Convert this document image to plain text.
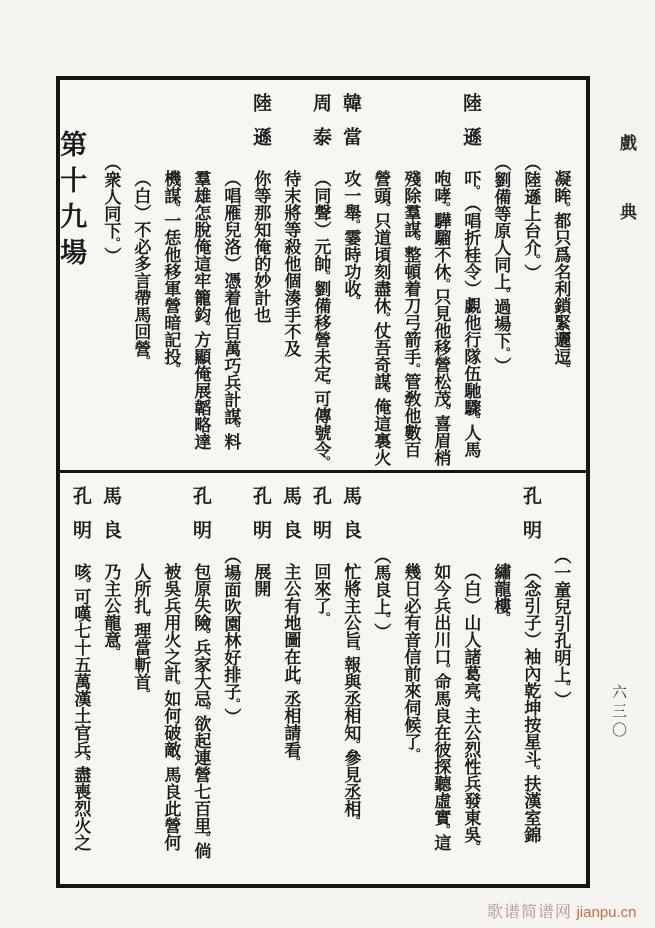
凝眸。都只爲名利鎖緊邐逗。
︵陸遜上台介。︶
︵劉備等原人同上。過場下。︶
陸遜
吓。︵唱折桂令︶覷他行隊伍馳驟。人馬
咆哮。驊騮不休。只見他移營松茂。喜眉梢
殘除羣謀。整頓着刀弓箭手。管敎他數百
營頭。只道頃刻盡休。仗吾奇謀。俺這裏火
韓當
攻一舉。霎時功收。
周泰
︵同聲︶元帥。劉備移營未定。可傳號令。
待末將等殺他個湊手不及
陸遜
你等那知俺的妙計也
︵唱雁兒洛︶憑着他百萬巧兵計謀。料
羣雄怎脫俺這牢籠鈞。方顯俺展韜略達
機謀。一恁他移軍營暗記投。
︵白︶不必多言帶馬回營。
︵衆人同下。︶
第十九場
︵一童兒引孔明上。︶
孔明
︵念引子︶袖內乾坤按星斗。扶漢室錦
繡龍樓。
︵白︶山人諸葛亮。主公烈性兵發東吳。
如今兵出川口。命馬良在彼探聽虛實。這
幾日必有音信前來伺候了。
︵馬良上。︶
馬良
忙將主公旨。報與丞相知。參見丞相。
孔明
回來了。
馬良
主公有地圖在此。丞相請看。
孔明
展開
︵場面吹園林好排子。︶
孔明
包原失險。兵家大忌。欲起連營七百里。倘
被吳兵用火之計。如何破敵。馬良此營何
人所扎。理當斬首。
馬良
乃主公龍意。
孔明
咳。可嘆七十五萬漢土官兵。盡喪烈火之
戲典
六三〇
歌谱简谱网 jianpu.cn
